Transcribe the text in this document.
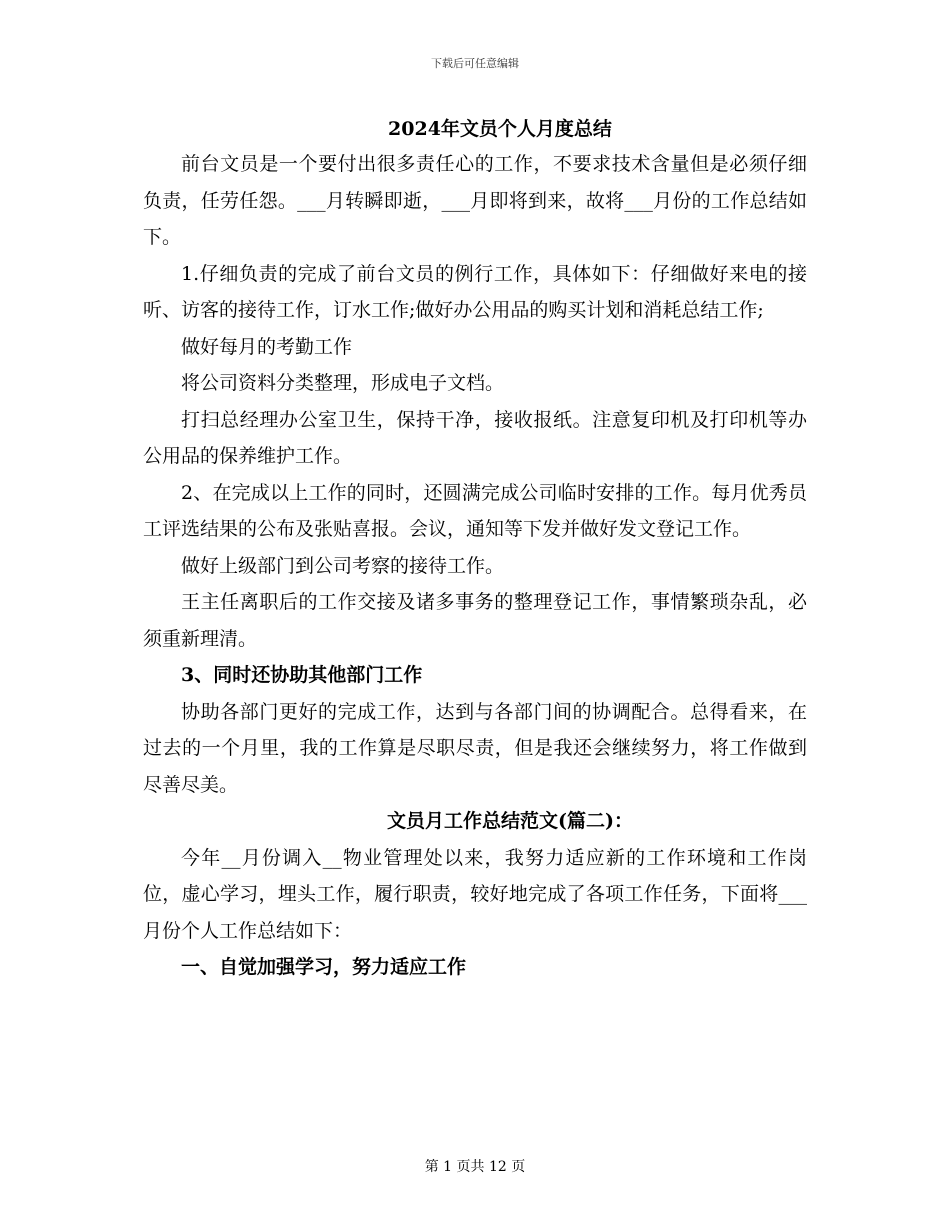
下载后可任意编辑
2024年文员个人月度总结

前台文员是一个要付出很多责任心的工作，不要求技术含量但是必须仔细负责，任劳任怨。___月转瞬即逝，___月即将到来，故将___月份的工作总结如下。

1.仔细负责的完成了前台文员的例行工作，具体如下：仔细做好来电的接听、访客的接待工作，订水工作;做好办公用品的购买计划和消耗总结工作;

做好每月的考勤工作

将公司资料分类整理，形成电子文档。

打扫总经理办公室卫生，保持干净，接收报纸。注意复印机及打印机等办公用品的保养维护工作。

2、在完成以上工作的同时，还圆满完成公司临时安排的工作。每月优秀员工评选结果的公布及张贴喜报。会议，通知等下发并做好发文登记工作。

做好上级部门到公司考察的接待工作。

王主任离职后的工作交接及诸多事务的整理登记工作，事情繁琐杂乱，必须重新理清。

3、同时还协助其他部门工作

协助各部门更好的完成工作，达到与各部门间的协调配合。总得看来，在过去的一个月里，我的工作算是尽职尽责，但是我还会继续努力，将工作做到尽善尽美。

文员月工作总结范文(篇二)：

今年__月份调入__物业管理处以来，我努力适应新的工作环境和工作岗位，虚心学习，埋头工作，履行职责，较好地完成了各项工作任务，下面将___月份个人工作总结如下：

一、自觉加强学习，努力适应工作

第 1 页共 12 页
